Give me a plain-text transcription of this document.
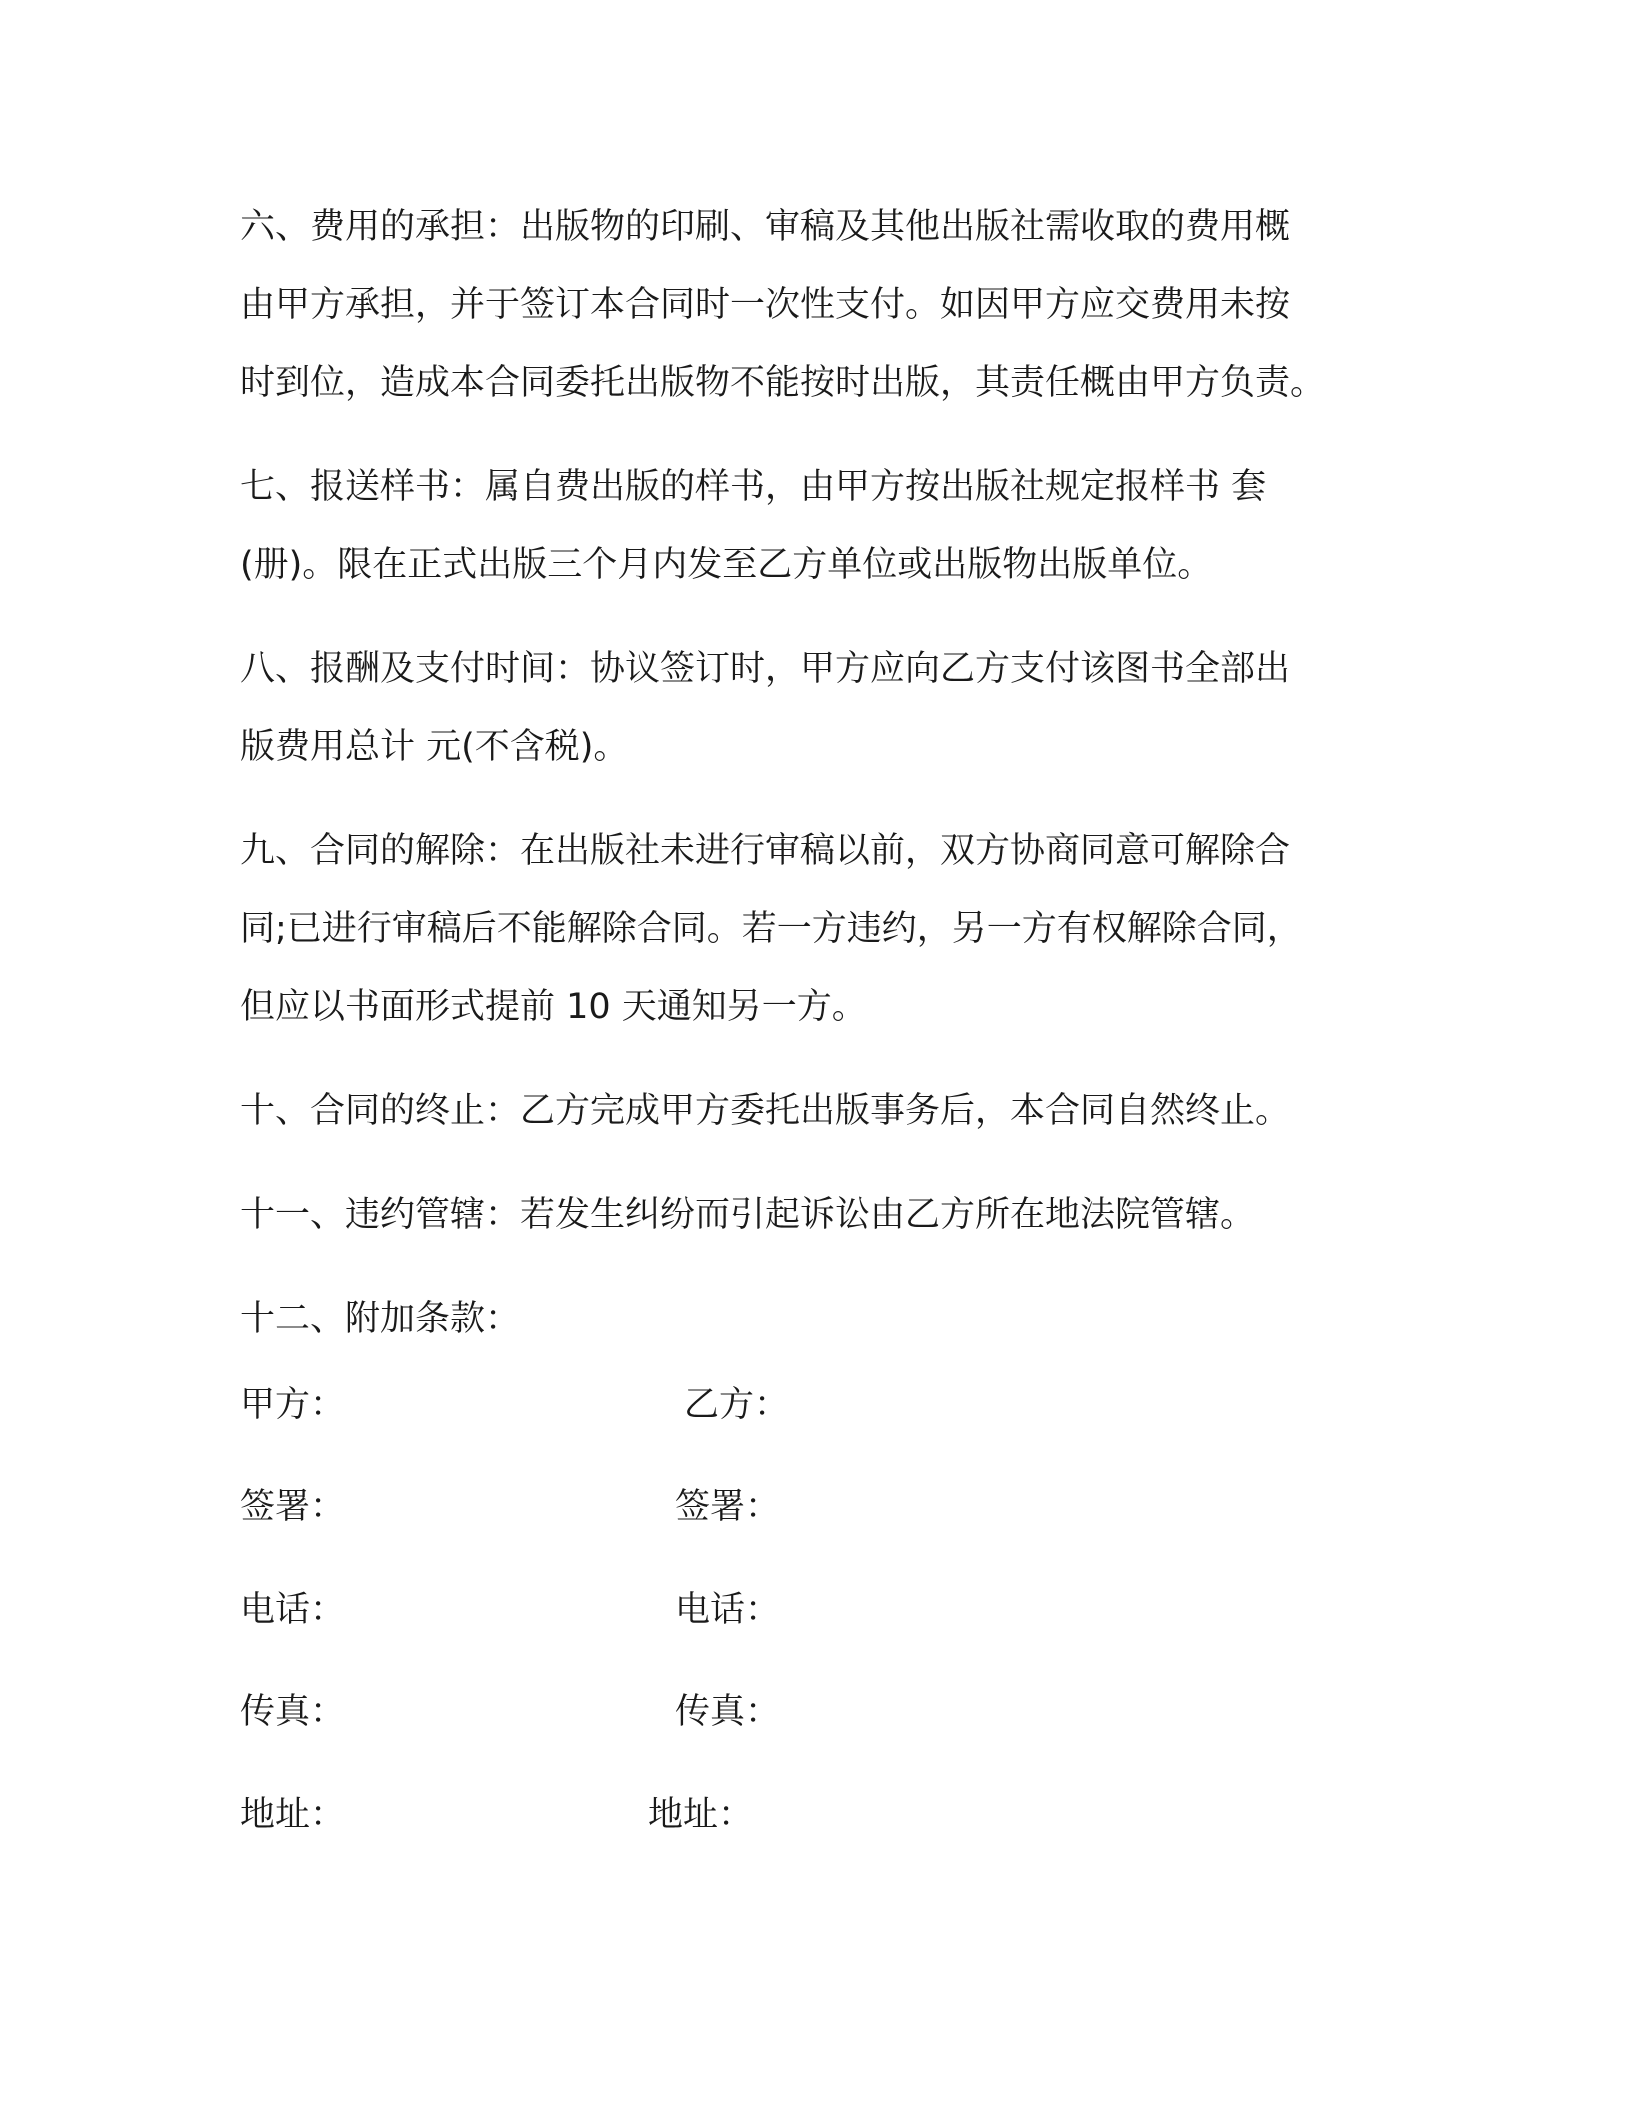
六、费用的承担：出版物的印刷、审稿及其他出版社需收取的费用概
由甲方承担，并于签订本合同时一次性支付。如因甲方应交费用未按
时到位，造成本合同委托出版物不能按时出版，其责任概由甲方负责。

七、报送样书：属自费出版的样书，由甲方按出版社规定报样书 套
(册)。限在正式出版三个月内发至乙方单位或出版物出版单位。

八、报酬及支付时间：协议签订时，甲方应向乙方支付该图书全部出
版费用总计 元(不含税)。

九、合同的解除：在出版社未进行审稿以前，双方协商同意可解除合
同;已进行审稿后不能解除合同。若一方违约，另一方有权解除合同，
但应以书面形式提前 10 天通知另一方。

十、合同的终止：乙方完成甲方委托出版事务后，本合同自然终止。

十一、违约管辖：若发生纠纷而引起诉讼由乙方所在地法院管辖。

十二、附加条款：

甲方：	乙方：
签署：	签署：
电话：	电话：
传真：	传真：
地址：	地址：
